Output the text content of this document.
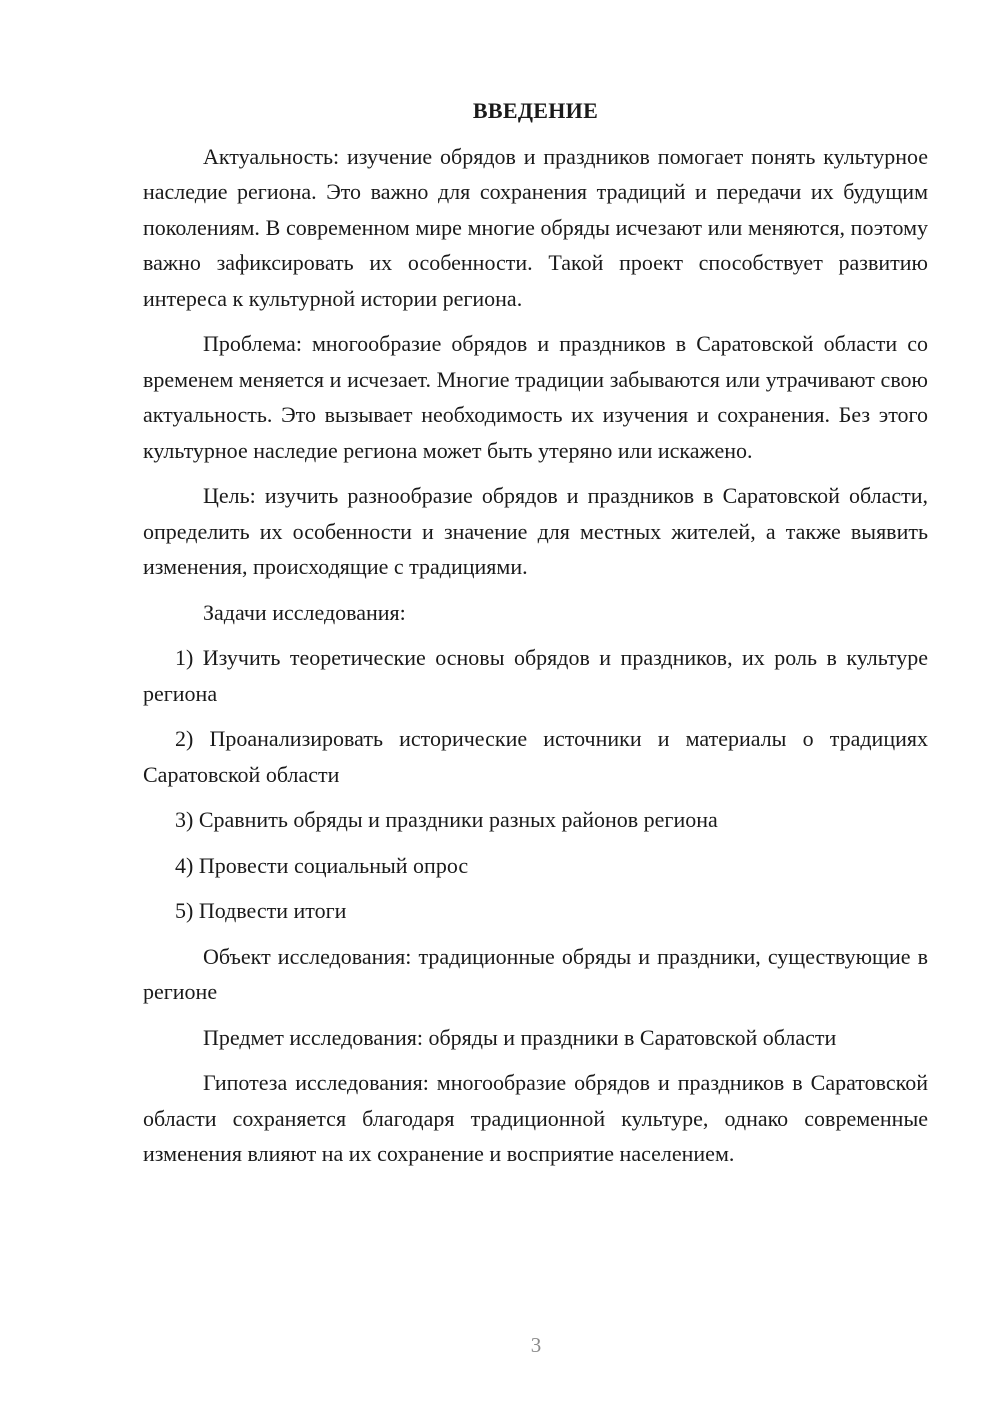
ВВЕДЕНИЕ

Актуальность: изучение обрядов и праздников помогает понять культурное наследие региона. Это важно для сохранения традиций и передачи их будущим поколениям. В современном мире многие обряды исчезают или меняются, поэтому важно зафиксировать их особенности. Такой проект способствует развитию интереса к культурной истории региона.

Проблема: многообразие обрядов и праздников в Саратовской области со временем меняется и исчезает. Многие традиции забываются или утрачивают свою актуальность. Это вызывает необходимость их изучения и сохранения. Без этого культурное наследие региона может быть утеряно или искажено.

Цель: изучить разнообразие обрядов и праздников в Саратовской области, определить их особенности и значение для местных жителей, а также выявить изменения, происходящие с традициями.

Задачи исследования:

1) Изучить теоретические основы обрядов и праздников, их роль в культуре региона

2) Проанализировать исторические источники и материалы о традициях Саратовской области

3) Сравнить обряды и праздники разных районов региона

4) Провести социальный опрос

5) Подвести итоги

Объект исследования: традиционные обряды и праздники, существующие в регионе

Предмет исследования: обряды и праздники в Саратовской области

Гипотеза исследования: многообразие обрядов и праздников в Саратовской области сохраняется благодаря традиционной культуре, однако современные изменения влияют на их сохранение и восприятие населением.

3
